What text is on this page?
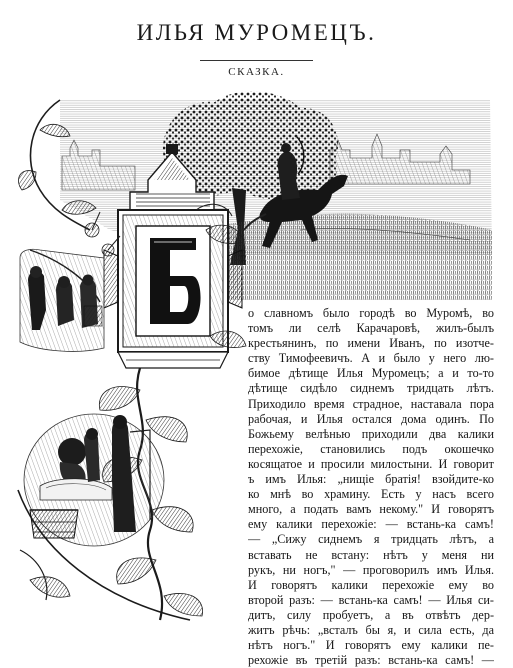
ИЛЬЯ МУРОМЕЦЪ.
СКАЗКА.
о славномъ было городѣ во Муромѣ, во
томъ ли селѣ Карачаровѣ, жилъ-былъ
крестьянинъ, по имени Иванъ, по изотче-
ству Тимофеевичъ. А и было у него лю-
бимое дѣтище Илья Муромецъ; а и то-то
дѣтище сидѣло сиднемъ тридцать лѣтъ.
Приходило время страдное, наставала пора
рабочая, и Илья остался дома одинъ. По
Божьему велѣнью приходили два калики
перехожіе, становились подъ окошечко
косящатое и просили милостыни. И говорит
ъ имъ Илья: „нищіе братія! взойдите-ко
ко мнѣ во храмину. Есть у насъ всего
много, а подать вамъ некому." И говорятъ
ему калики перехожіе: — встань-ка самъ!
— „Сижу сиднемъ я тридцать лѣтъ, а
вставать не встану: нѣтъ у меня ни
рукъ, ни ногъ," — проговорилъ имъ Илья.
И говорятъ калики перехожіе ему во
второй разъ: — встань-ка самъ! — Илья си-
дитъ, силу пробуетъ, а въ отвѣтъ дер-
житъ рѣчь: „всталъ бы я, и сила есть, да
нѣтъ ногъ." И говорятъ ему калики пе-
рехожіе въ третій разъ: встань-ка самъ! —
